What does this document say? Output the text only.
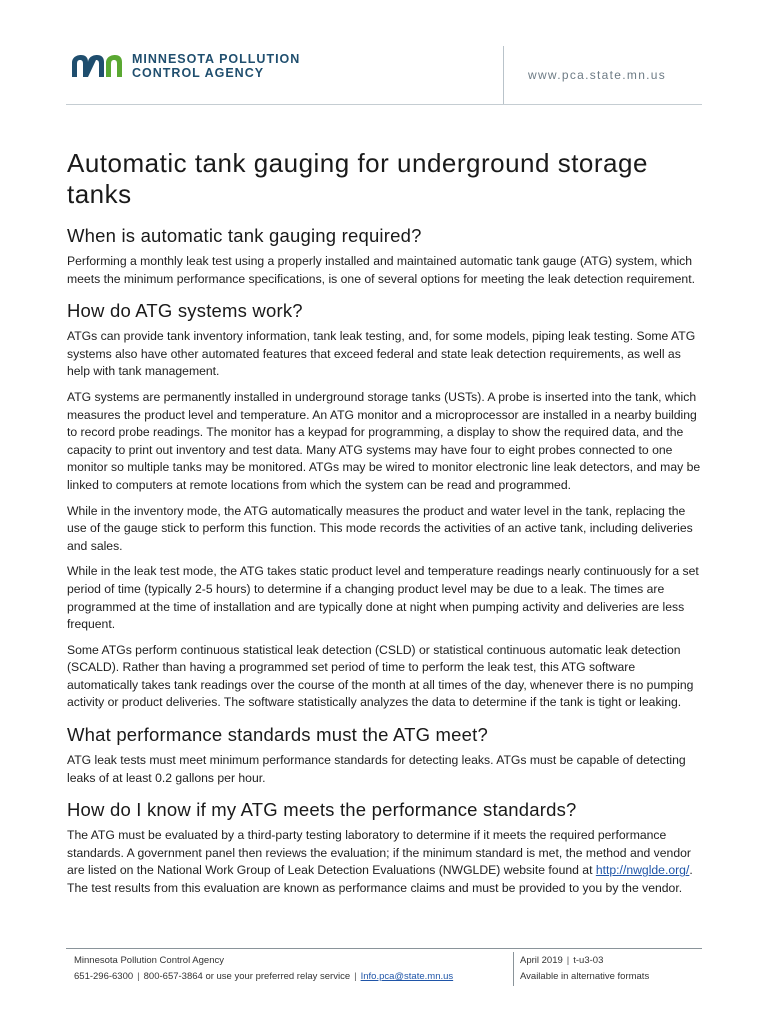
MINNESOTA POLLUTION
CONTROL AGENCY	www.pca.state.mn.us
Automatic tank gauging for underground storage tanks
When is automatic tank gauging required?

Performing a monthly leak test using a properly installed and maintained automatic tank gauge (ATG) system, which meets the minimum performance specifications, is one of several options for meeting the leak detection requirement.

How do ATG systems work?

ATGs can provide tank inventory information, tank leak testing, and, for some models, piping leak testing. Some ATG systems also have other automated features that exceed federal and state leak detection requirements, as well as help with tank management.

ATG systems are permanently installed in underground storage tanks (USTs). A probe is inserted into the tank, which measures the product level and temperature. An ATG monitor and a microprocessor are installed in a nearby building to record probe readings. The monitor has a keypad for programming, a display to show the required data, and the capacity to print out inventory and test data. Many ATG systems may have four to eight probes connected to one monitor so multiple tanks may be monitored. ATGs may be wired to monitor electronic line leak detectors, and may be linked to computers at remote locations from which the system can be read and programmed.

While in the inventory mode, the ATG automatically measures the product and water level in the tank, replacing the use of the gauge stick to perform this function. This mode records the activities of an active tank, including deliveries and sales.

While in the leak test mode, the ATG takes static product level and temperature readings nearly continuously for a set period of time (typically 2-5 hours) to determine if a changing product level may be due to a leak. The times are programmed at the time of installation and are typically done at night when pumping activity and deliveries are less frequent.

Some ATGs perform continuous statistical leak detection (CSLD) or statistical continuous automatic leak detection (SCALD). Rather than having a programmed set period of time to perform the leak test, this ATG software automatically takes tank readings over the course of the month at all times of the day, whenever there is no pumping activity or product deliveries. The software statistically analyzes the data to determine if the tank is tight or leaking.

What performance standards must the ATG meet?

ATG leak tests must meet minimum performance standards for detecting leaks. ATGs must be capable of detecting leaks of at least 0.2 gallons per hour.

How do I know if my ATG meets the performance standards?

The ATG must be evaluated by a third-party testing laboratory to determine if it meets the required performance standards. A government panel then reviews the evaluation; if the minimum standard is met, the method and vendor are listed on the National Work Group of Leak Detection Evaluations (NWGLDE) website found at http://nwglde.org/. The test results from this evaluation are known as performance claims and must be provided to you by the vendor.

Minnesota Pollution Control Agency
651-296-6300 | 800-657-3864 or use your preferred relay service | Info.pca@state.mn.us
April 2019 | t-u3-03
Available in alternative formats
